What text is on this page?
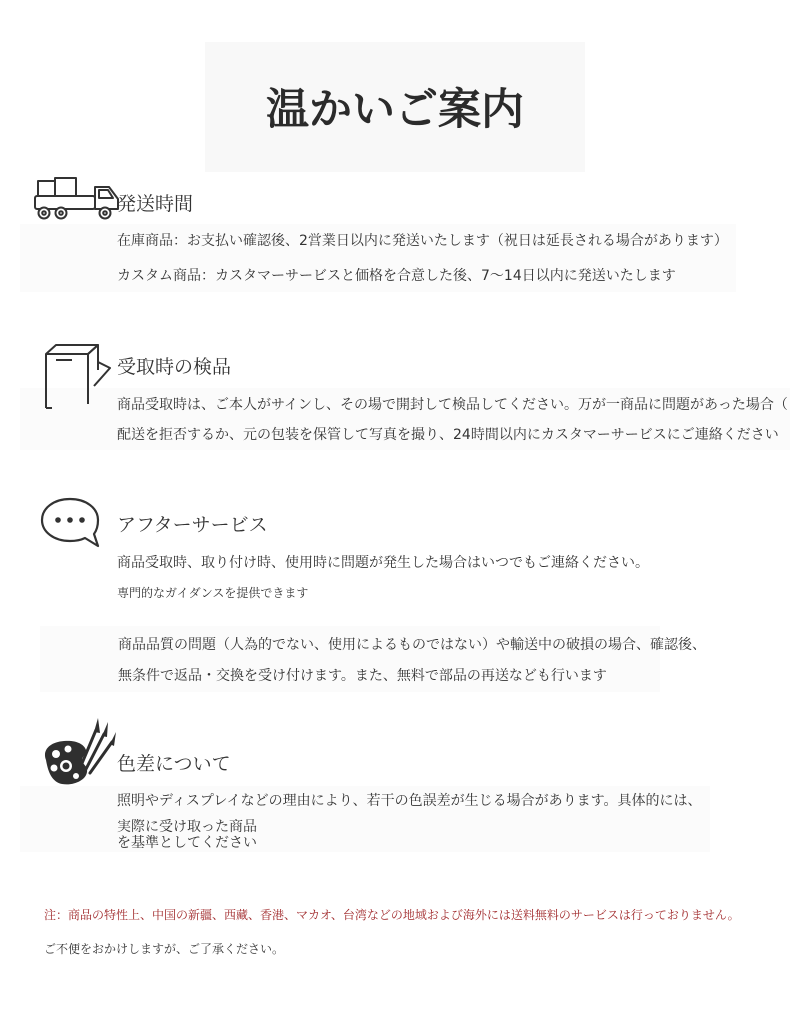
温かいご案内
発送時間
在庫商品：お支払い確認後、2営業日以内に発送いたします（祝日は延長される場合があります）
カスタム商品：カスタマーサービスと価格を合意した後、7〜14日以内に発送いたします
受取時の検品
商品受取時は、ご本人がサインし、その場で開封して検品してください。万が一商品に問題があった場合（
配送を拒否するか、元の包装を保管して写真を撮り、24時間以内にカスタマーサービスにご連絡ください
アフターサービス
商品受取時、取り付け時、使用時に問題が発生した場合はいつでもご連絡ください。
専門的なガイダンスを提供できます
商品品質の問題（人為的でない、使用によるものではない）や輸送中の破損の場合、確認後、
無条件で返品・交換を受け付けます。また、無料で部品の再送なども行います
色差について
照明やディスプレイなどの理由により、若干の色誤差が生じる場合があります。具体的には、
実際に受け取った商品
を基準としてください
注：商品の特性上、中国の新疆、西藏、香港、マカオ、台湾などの地域および海外には送料無料のサービスは行っておりません。
ご不便をおかけしますが、ご了承ください。
